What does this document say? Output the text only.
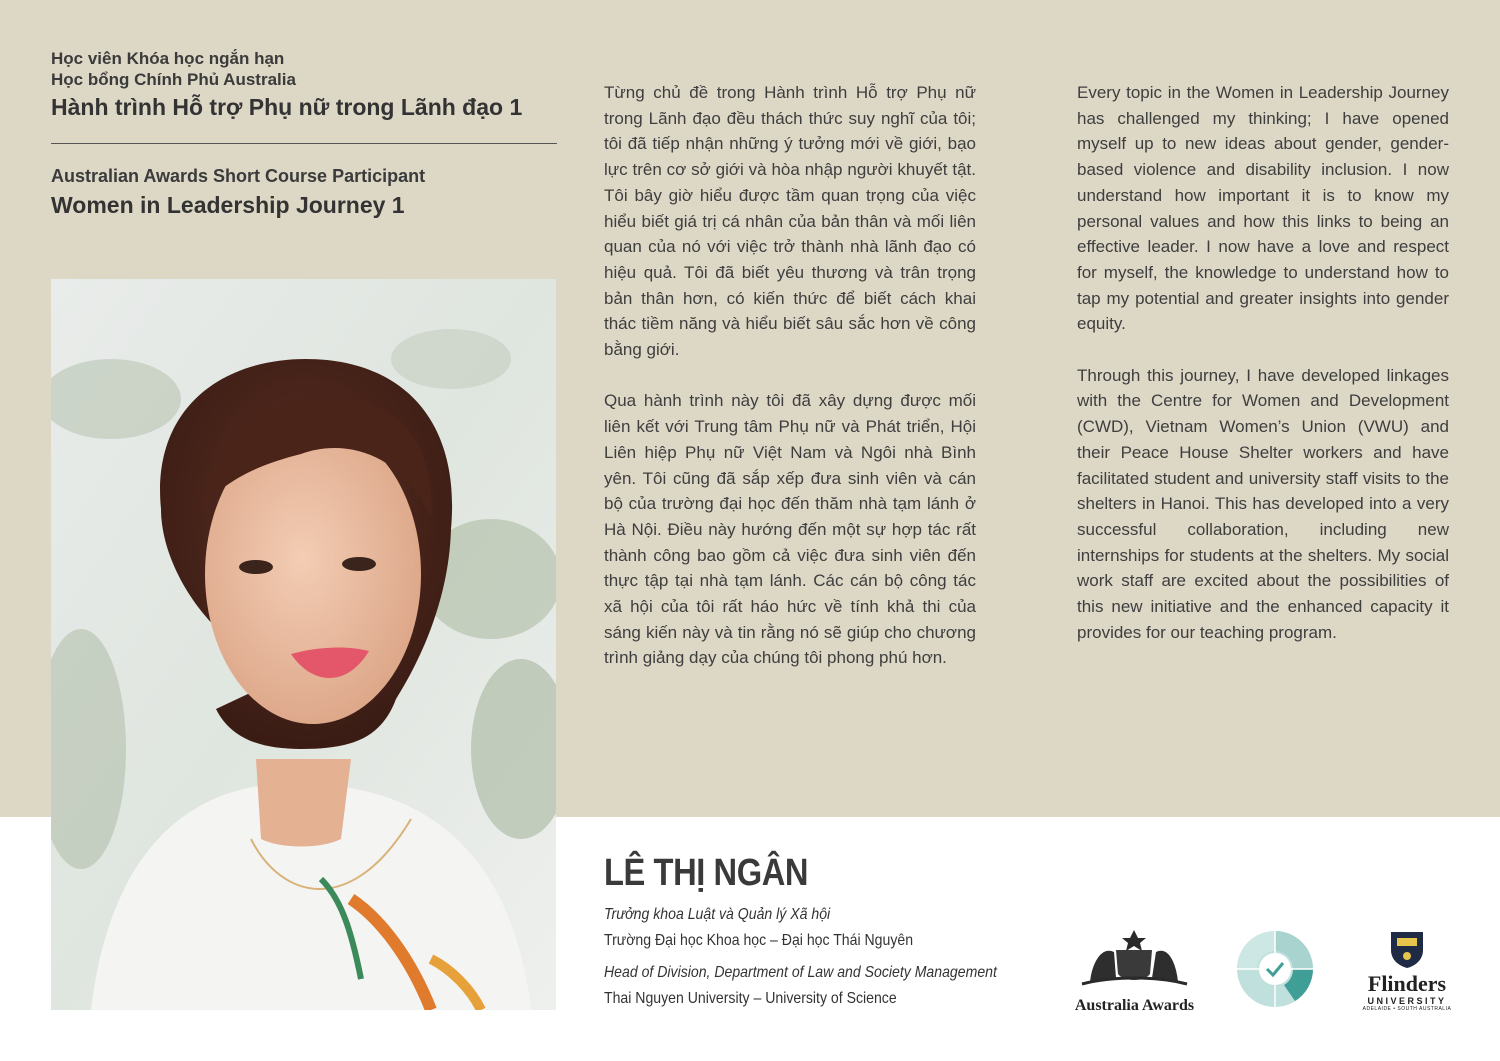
Học viên Khóa học ngắn hạn
Học bổng Chính Phủ Australia
Hành trình Hỗ trợ Phụ nữ trong Lãnh đạo 1
Australian Awards Short Course Participant
Women in Leadership Journey 1

Từng chủ đề trong Hành trình Hỗ trợ Phụ nữ trong Lãnh đạo đều thách thức suy nghĩ của tôi; tôi đã tiếp nhận những ý tưởng mới về giới, bạo lực trên cơ sở giới và hòa nhập người khuyết tật. Tôi bây giờ hiểu được tầm quan trọng của việc hiểu biết giá trị cá nhân của bản thân và mối liên quan của nó với việc trở thành nhà lãnh đạo có hiệu quả. Tôi đã biết yêu thương và trân trọng bản thân hơn, có kiến thức để biết cách khai thác tiềm năng và hiểu biết sâu sắc hơn về công bằng giới.

Qua hành trình này tôi đã xây dựng được mối liên kết với Trung tâm Phụ nữ và Phát triển, Hội Liên hiệp Phụ nữ Việt Nam và Ngôi nhà Bình yên. Tôi cũng đã sắp xếp đưa sinh viên và cán bộ của trường đại học đến thăm nhà tạm lánh ở Hà Nội. Điều này hướng đến một sự hợp tác rất thành công bao gồm cả việc đưa sinh viên đến thực tập tại nhà tạm lánh. Các cán bộ công tác xã hội của tôi rất háo hức về tính khả thi của sáng kiến này và tin rằng nó sẽ giúp cho chương trình giảng dạy của chúng tôi phong phú hơn.

Every topic in the Women in Leadership Journey has challenged my thinking; I have opened myself up to new ideas about gender, gender-based violence and disability inclusion. I now understand how important it is to know my personal values and how this links to being an effective leader. I now have a love and respect for myself, the knowledge to understand how to tap my potential and greater insights into gender equity.

Through this journey, I have developed linkages with the Centre for Women and Development (CWD), Vietnam Women’s Union (VWU) and their Peace House Shelter workers and have facilitated student and university staff visits to the shelters in Hanoi. This has developed into a very successful collaboration, including new internships for students at the shelters. My social work staff are excited about the possibilities of this new initiative and the enhanced capacity it provides for our teaching program.

LÊ THỊ NGÂN
Trưởng khoa Luật và Quản lý Xã hội
Trường Đại học Khoa học – Đại học Thái Nguyên
Head of Division, Department of Law and Society Management
Thai Nguyen University – University of Science	Australia Awards
Flinders
UNIVERSITY
ADELAIDE • SOUTH AUSTRALIA
